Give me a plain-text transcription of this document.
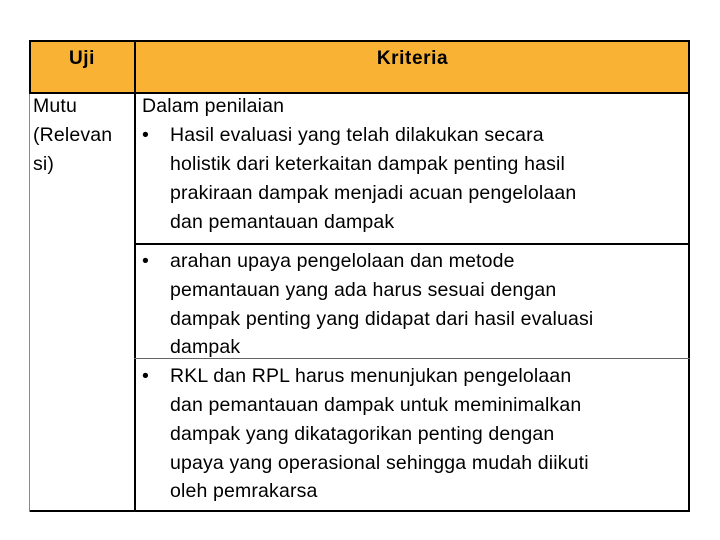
Uji	Kriteria
Mutu
(Relevan
si)
Dalam penilaian
• Hasil evaluasi yang telah dilakukan secara
holistik dari keterkaitan dampak penting hasil
prakiraan dampak menjadi acuan pengelolaan
dan pemantauan dampak
• arahan upaya pengelolaan dan metode
pemantauan yang ada harus sesuai dengan
dampak penting yang didapat dari hasil evaluasi
dampak
• RKL dan RPL harus menunjukan pengelolaan
dan pemantauan dampak untuk meminimalkan
dampak yang dikatagorikan penting dengan
upaya yang operasional sehingga mudah diikuti
oleh pemrakarsa
